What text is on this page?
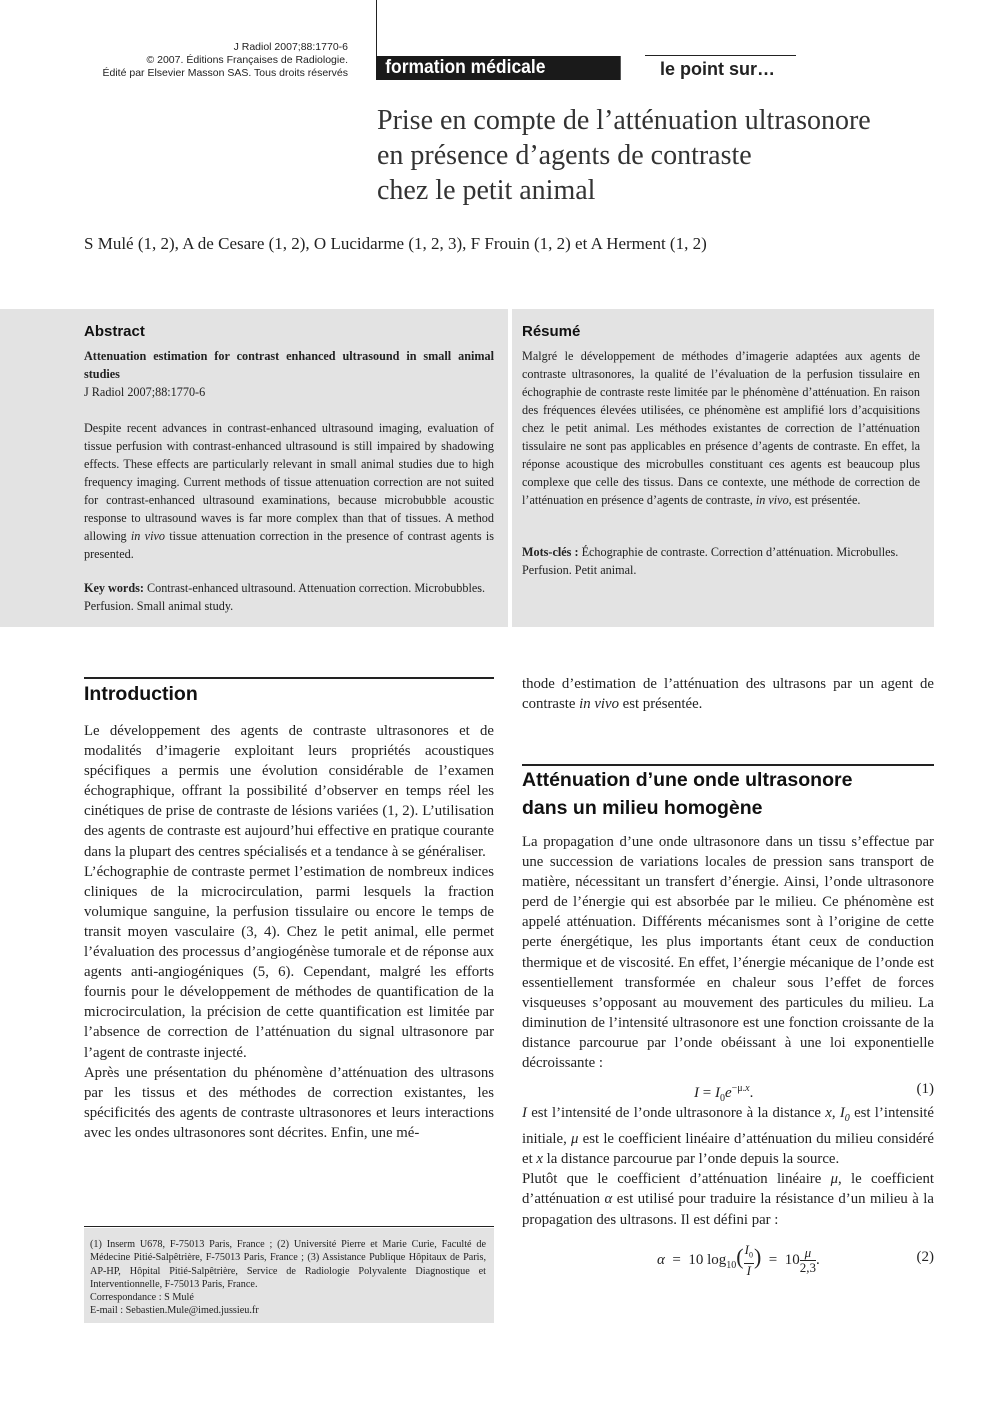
J Radiol 2007;88:1770-6
© 2007. Éditions Françaises de Radiologie.
Édité par Elsevier Masson SAS. Tous droits réservés	formation médicale continue
le point sur…
Prise en compte de l’atténuation ultrasonore
en présence d’agents de contraste
chez le petit animal
S Mulé (1, 2), A de Cesare (1, 2), O Lucidarme (1, 2, 3), F Frouin (1, 2) et A Herment (1, 2)
Abstract
Attenuation estimation for contrast enhanced ultrasound in small animal studies
J Radiol 2007;88:1770-6

Despite recent advances in contrast-enhanced ultrasound imaging, evaluation of tissue perfusion with contrast-enhanced ultrasound is still impaired by shadowing effects. These effects are particularly relevant in small animal studies due to high frequency imaging. Current methods of tissue attenuation correction are not suited for contrast-enhanced ultrasound examinations, because microbubble acoustic response to ultrasound waves is far more complex than that of tissues. A method allowing in vivo tissue attenuation correction in the presence of contrast agents is presented.

Key words: Contrast-enhanced ultrasound. Attenuation correction. Microbubbles. Perfusion. Small animal study.

Résumé

Malgré le développement de méthodes d’imagerie adaptées aux agents de contraste ultrasonores, la qualité de l’évaluation de la perfusion tissulaire en échographie de contraste reste limitée par le phénomène d’atténuation. En raison des fréquences élevées utilisées, ce phénomène est amplifié lors d’acquisitions chez le petit animal. Les méthodes existantes de correction de l’atténuation tissulaire ne sont pas applicables en présence d’agents de contraste. En effet, la réponse acoustique des microbulles constituant ces agents est beaucoup plus complexe que celle des tissus. Dans ce contexte, une méthode de correction de l’atténuation en présence d’agents de contraste, in vivo, est présentée.

Mots-clés : Échographie de contraste. Correction d’atténuation. Microbulles. Perfusion. Petit animal.

Introduction

Le développement des agents de contraste ultrasonores et de modalités d’imagerie exploitant leurs propriétés acoustiques spécifiques a permis une évolution considérable de l’examen échographique, offrant la possibilité d’observer en temps réel les cinétiques de prise de contraste de lésions variées (1, 2). L’utilisation des agents de contraste est aujourd’hui effective en pratique courante dans la plupart des centres spécialisés et a tendance à se généraliser.

L’échographie de contraste permet l’estimation de nombreux indices cliniques de la microcirculation, parmi lesquels la fraction volumique sanguine, la perfusion tissulaire ou encore le temps de transit moyen vasculaire (3, 4). Chez le petit animal, elle permet l’évaluation des processus d’angiogénèse tumorale et de réponse aux agents anti-angiogéniques (5, 6). Cependant, malgré les efforts fournis pour le développement de méthodes de quantification de la microcirculation, la précision de cette quantification est limitée par l’absence de correction de l’atténuation du signal ultrasonore par l’agent de contraste injecté.

Après une présentation du phénomène d’atténuation des ultrasons par les tissus et des méthodes de correction existantes, les spécificités des agents de contraste ultrasonores et leurs interactions avec les ondes ultrasonores sont décrites. Enfin, une mé-

thode d’estimation de l’atténuation des ultrasons par un agent de contraste in vivo est présentée.

Atténuation d’une onde ultrasonore
dans un milieu homogène

La propagation d’une onde ultrasonore dans un tissu s’effectue par une succession de variations locales de pression sans transport de matière, nécessitant un transfert d’énergie. Ainsi, l’onde ultrasonore perd de l’énergie qui est absorbée par le milieu. Ce phénomène est appelé atténuation. Différents mécanismes sont à l’origine de cette perte énergétique, les plus importants étant ceux de conduction thermique et de viscosité. En effet, l’énergie mécanique de l’onde est essentiellement transformée en chaleur sous l’effet de forces visqueuses s’opposant au mouvement des particules du milieu. La diminution de l’intensité ultrasonore est une fonction croissante de la distance parcourue par l’onde obéissant à une loi exponentielle décroissante :

$I = I_0e^{-\mu.x}$.	(1)

I est l’intensité de l’onde ultrasonore à la distance x, $I_0$ est l’intensité initiale, μ est le coefficient linéaire d’atténuation du milieu considéré et x la distance parcourue par l’onde depuis la source.

Plutôt que le coefficient d’atténuation linéaire μ, le coefficient d’atténuation α est utilisé pour traduire la résistance d’un milieu à la propagation des ultrasons. Il est défini par :

α  =  10 $\log_{10}( \frac{I_0}{I}) = 10 \frac{\mu}{2,3}$.	(2)
(1) Inserm U678, F-75013 Paris, France ; (2) Université Pierre et Marie Curie, Faculté de Médecine Pitié-Salpêtrière, F-75013 Paris, France ; (3) Assistance Publique Hôpitaux de Paris, AP-HP, Hôpital Pitié-Salpêtrière, Service de Radiologie Polyvalente Diagnostique et Interventionnelle, F-75013 Paris, France.
Correspondance : S Mulé
E-mail : Sebastien.Mule@imed.jussieu.fr
